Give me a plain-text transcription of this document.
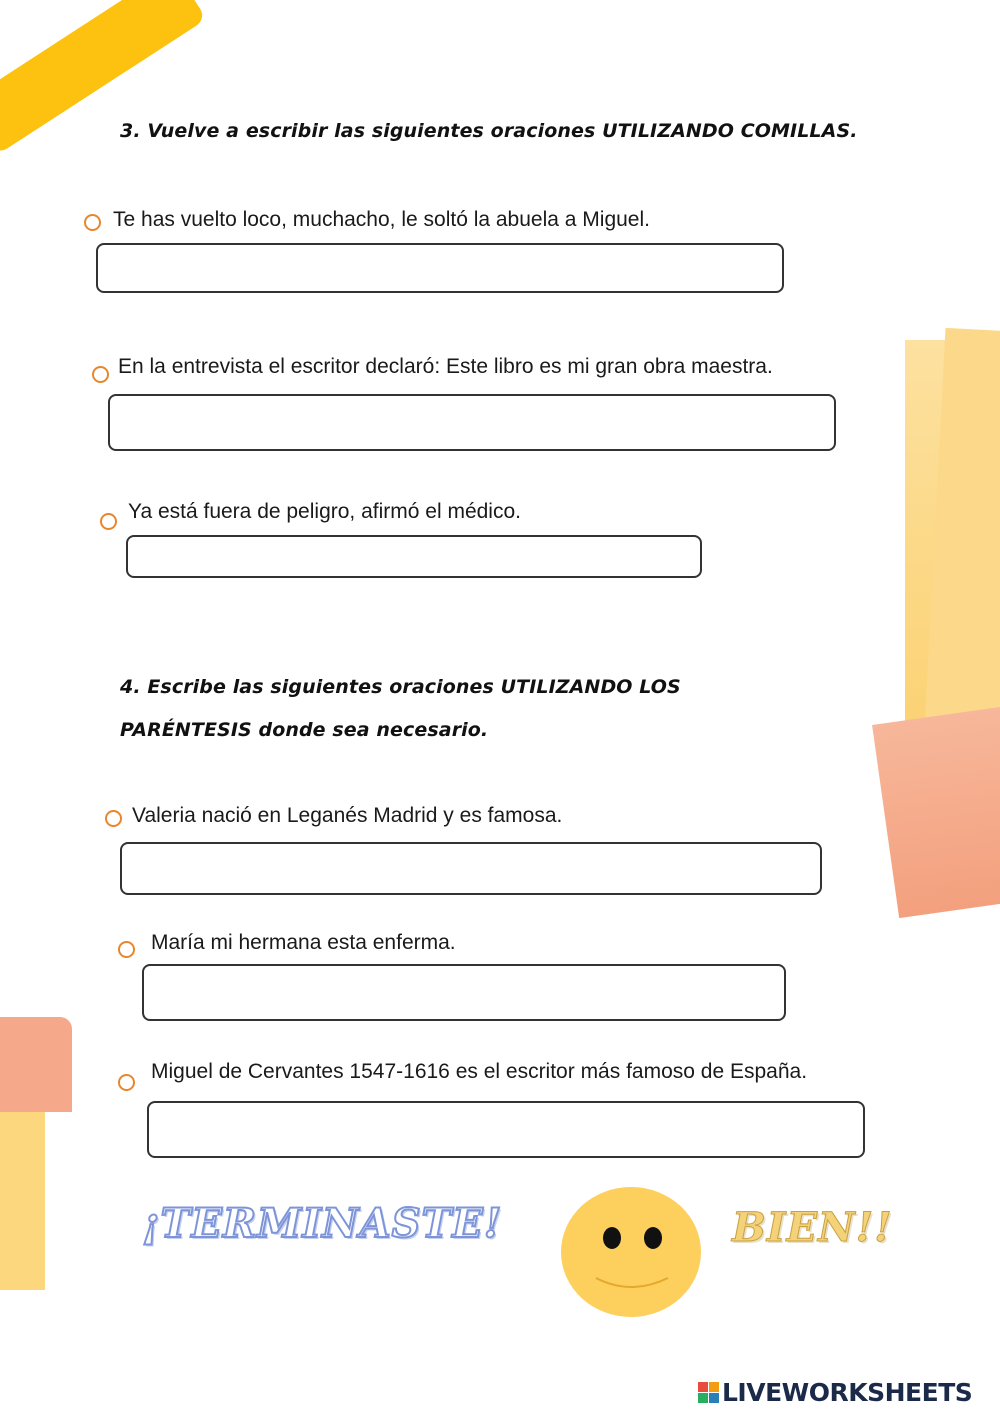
3. Vuelve a escribir las siguientes oraciones UTILIZANDO COMILLAS.
Te has vuelto loco, muchacho, le soltó la abuela a Miguel.
En la entrevista el escritor declaró: Este libro es mi gran obra maestra.
Ya está fuera de peligro, afirmó el médico.
4. Escribe las siguientes oraciones UTILIZANDO LOS
PARÉNTESIS donde sea necesario.
Valeria nació en Leganés Madrid y es famosa.
María mi hermana esta enferma.
Miguel de Cervantes 1547-1616 es el escritor más famoso de España.
¡TERMINASTE!	BIEN!!
LIVEWORKSHEETS
